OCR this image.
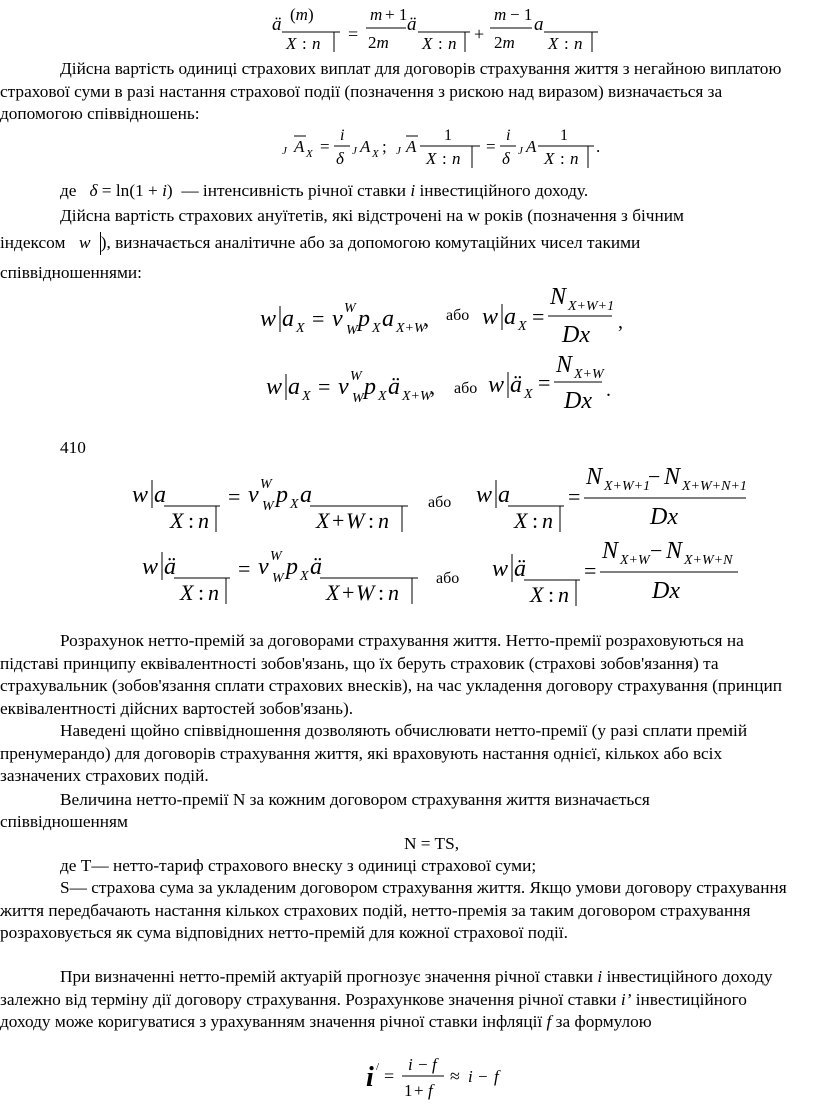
ä (m)
X : n =
m + 1
2m
ä
X : n +
m − 1
2m
a
X : n

Дійсна вартість одиниці страхових виплат для договорів страхування життя з негайною виплатою страхової суми в разі настання страхової події (позначення з рискою над виразом) визначається за допомогою співвідношень:

J A X =
i
δ J A X ; J A
1
X : n
=
i
δ J A
1
X : n
.
де δ = ln(1 + i)  — інтенсивність річної ставки i інвестиційного доходу.
Дійсна вартість страхових ануїтетів, які відстрочені на w років (позначення з бічним
індексом w ), визначається аналітичне або за допомогою комутаційних чисел такими
співвідношеннями:
w a X = v W
W p X a X+W
, або w a X =
N X+W+1
Dx ,
w a X = v W
W p X ä X+W
, або w ä X =
N X+W
Dx .
410
w a
X : n
= v W
W p X a
X + W : n
або w a
X : n
=
N X+W+1
− N X+W+N+1
Dx
w ä
X : n
= v W
W p X ä
X + W : n
або w ä
X : n
=
N X+W − N X+W+N
Dx

Розрахунок нетто-премій за договорами страхування життя. Нетто-премії розраховуються на підставі принципу еквівалентності зобов'язань, що їх беруть страховик (страхові зобов'язання) та страхувальник (зобов'язання сплати страхових внесків), на час укладення договору страхування (принцип еквівалентності дійсних вартостей зобов'язань).

Наведені щойно співвідношення дозволяють обчислювати нетто-премії (у разі сплати премій пренумерандо) для договорів страхування життя, які враховують настання однієї, кількох або всіх зазначених страхових подій.

Величина нетто-премії N за кожним договором страхування життя визначається
співвідношенням
N = TS,
де T— нетто-тариф страхового внеску з одиниці страхової суми;

S— страхова сума за укладеним договором страхування життя. Якщо умови договору страхування життя передбачають настання кількох страхових подій, нетто-премія за таким договором страхування розраховується як сума відповідних нетто-премій для кожної страхової події.

При визначенні нетто-премій актуарій прогнозує значення річної ставки i інвестиційного доходу залежно від терміну дії договору страхування. Розрахункове значення річної ставки i’ інвестиційного доходу може коригуватися з урахуванням значення річної ставки інфляції f за формулою

i / =
i − f
1 + f
≈ i − f
